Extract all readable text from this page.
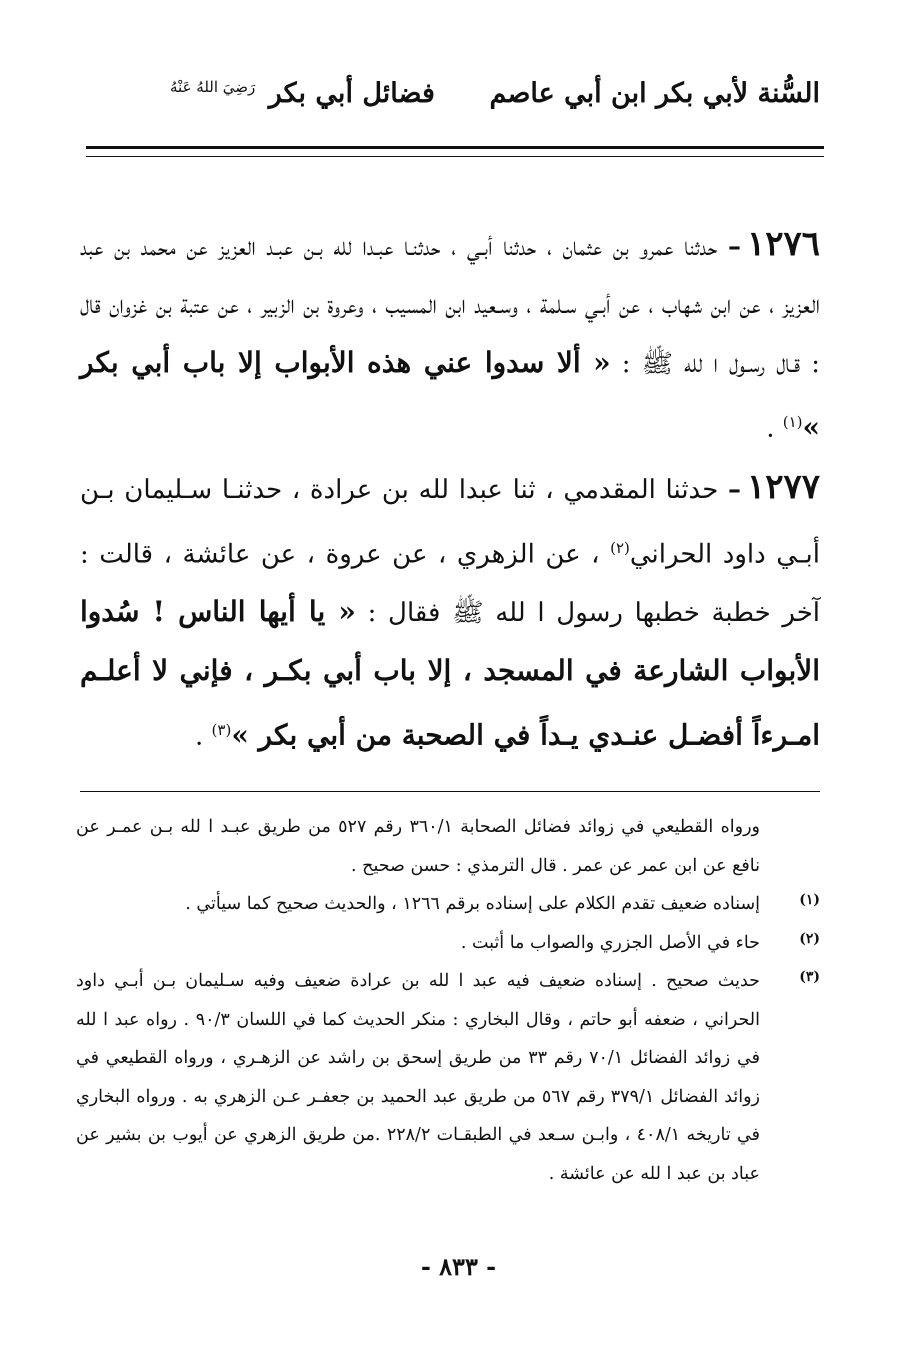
السُّنة لأبي بكر ابن أبي عاصم
فضائل أبي بكر $^{رَضِيَ اللهُ عَنْهُ}$

١٢٧٦– حدثنا عمرو بن عثمان ، حدثنا أبـي ، حدثنـا عبـدا لله بـن عبـد العزيز عن محمد بن عبد العزيز ، عن ابن شهاب ، عن أبـي سـلمة ، وسـعيد ابن المسيب ، وعروة بن الزبير ، عن عتبة بن غزوان قال : قـال رسـول ا لله ﷺ : « ألا سدوا عني هذه الأبواب إلا باب أبي بكر »$^{(١)}$ .

١٢٧٧– حدثنا المقدمي ، ثنا عبدا لله بن عرادة ، حدثنـا سـليمان بـن أبـي داود الحراني$^{(٢)}$ ، عن الزهري ، عن عروة ، عن عائشة ، قالت : آخر خطبة خطبها رسول ا لله ﷺ فقال : « يا أيها الناس ! سُدوا الأبواب الشارعة في المسجد ، إلا باب أبي بكـر ، فإني لا أعلـم امـرءاً أفضـل عنـدي يـداً في الصحبة من أبي بكر »$^{(٣)}$ .

ورواه القطيعي في زوائد فضائل الصحابة ٣٦٠/١ رقم ٥٢٧ من طريق عبـد ا لله بـن عمـر عن نافع عن ابن عمر عن عمر . قال الترمذي : حسن صحيح .

(١)
إسناده ضعيف تقدم الكلام على إسناده برقم ١٢٦٦ ، والحديث صحيح كما سيأتي .

(٢)
حاء في الأصل الجزري والصواب ما أثبت .

(٣)
حديث صحيح . إسناده ضعيف فيه عبد ا لله بن عرادة ضعيف وفيه سـليمان بـن أبـي داود الحراني ، ضعفه أبو حاتم ، وقال البخاري : منكر الحديث كما في اللسان ٩٠/٣ . رواه عبد ا لله في زوائد الفضائل ٧٠/١ رقم ٣٣ من طريق إسحق بن راشد عن الزهـري ، ورواه القطيعي في زوائد الفضائل ٣٧٩/١ رقم ٥٦٧ من طريق عبد الحميد بن جعفـر عـن الزهري به . ورواه البخاري في تاريخه ٤٠٨/١ ، وابـن سـعد في الطبقـات ٢٢٨/٢ .من طريق الزهري عن أيوب بن بشير عن عباد بن عبد ا لله عن عائشة .

- ٨٣٣ -
